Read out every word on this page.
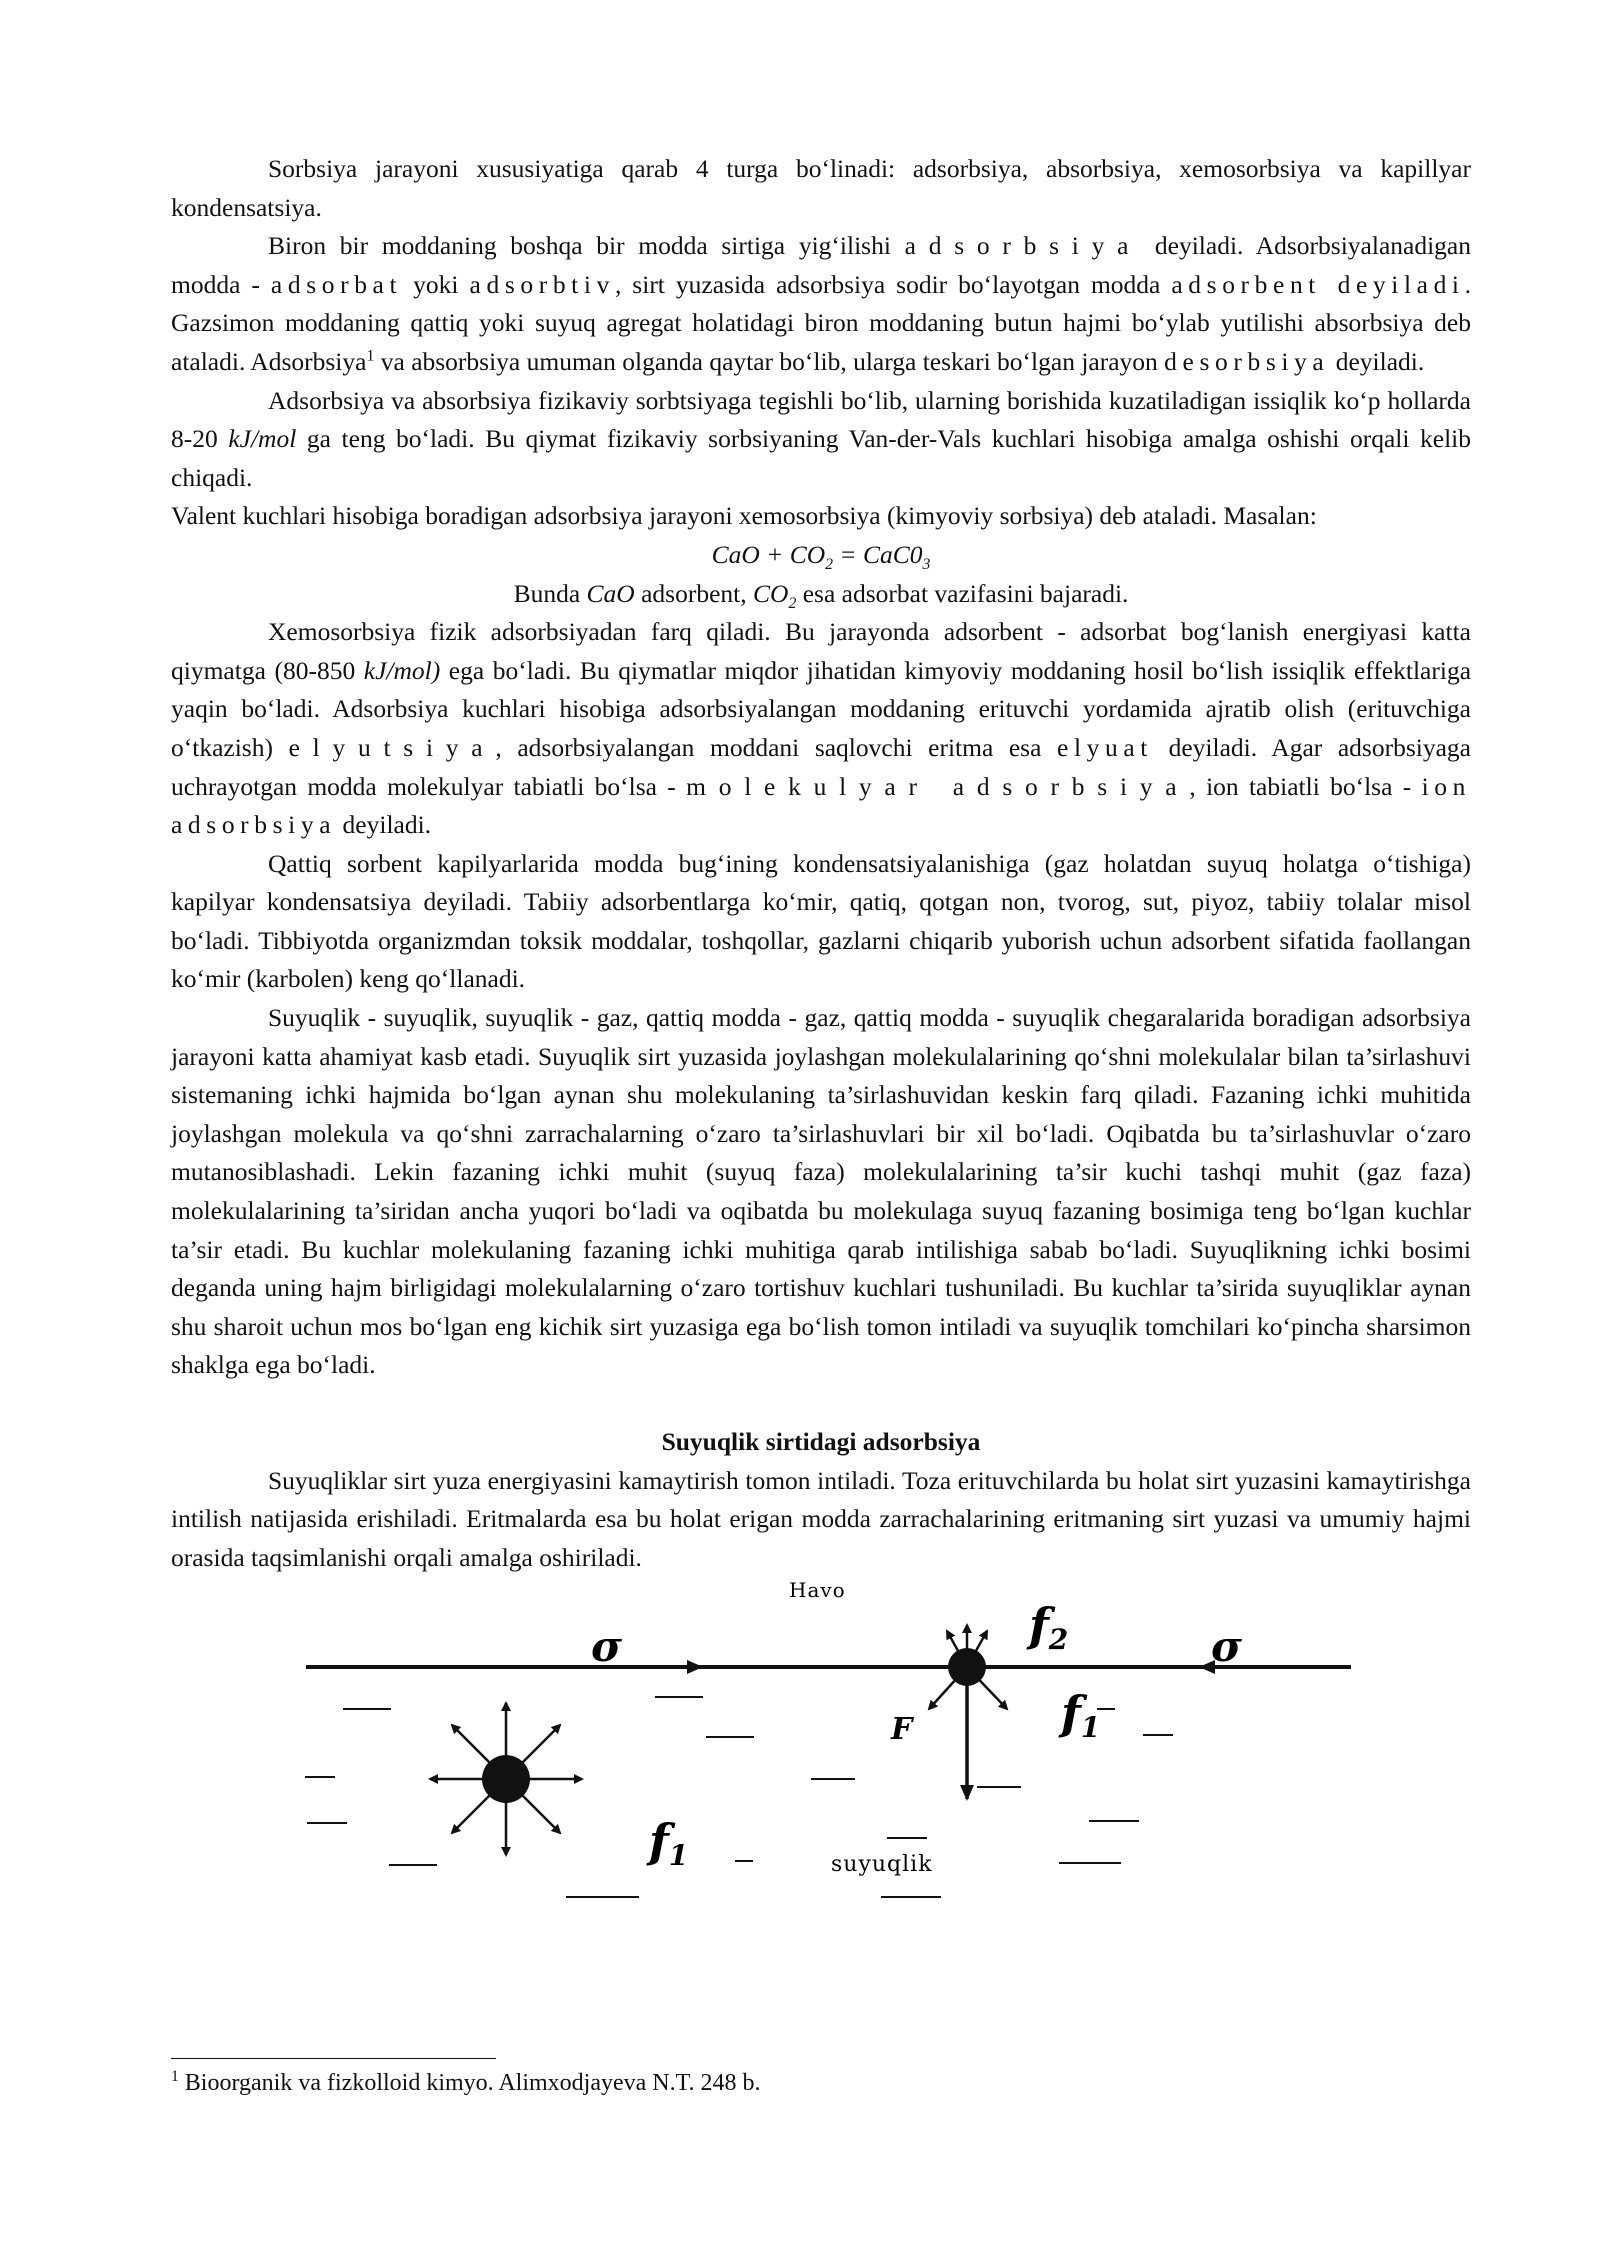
Sorbsiya jarayoni xususiyatiga qarab 4 turga bo‘linadi: adsorbsiya, absorbsiya, xemosorbsiya va kapillyar kondensatsiya.

Biron bir moddaning boshqa bir modda sirtiga yig‘ilishi adsorbsiya deyiladi. Adsorbsiyalanadigan modda - adsorbat yoki adsorbtiv, sirt yuzasida adsorbsiya sodir bo‘layotgan modda adsorbent deyiladi. Gazsimon moddaning qattiq yoki suyuq agregat holatidagi biron moddaning butun hajmi bo‘ylab yutilishi absorbsiya deb ataladi. Adsorbsiya$^1$ va absorbsiya umuman olganda qaytar bo‘lib, ularga teskari bo‘lgan jarayon desorbsiya deyiladi.

Adsorbsiya va absorbsiya fizikaviy sorbtsiyaga tegishli bo‘lib, ularning borishida kuzatiladigan issiqlik ko‘p hollarda 8-20 kJ/mol ga teng bo‘ladi. Bu qiymat fizikaviy sorbsiyaning Van-der-Vals kuchlari hisobiga amalga oshishi orqali kelib chiqadi.

Valent kuchlari hisobiga boradigan adsorbsiya jarayoni xemosorbsiya (kimyoviy sorbsiya) deb ataladi. Masalan:

CaO + $CO_2 = CaC0_3$

Bunda CaO adsorbent, $CO_2$ esa adsorbat vazifasini bajaradi.

Xemosorbsiya fizik adsorbsiyadan farq qiladi. Bu jarayonda adsorbent - adsorbat bog‘lanish energiyasi katta qiymatga (80-850 kJ/mol) ega bo‘ladi. Bu qiymatlar miqdor jihatidan kimyoviy moddaning hosil bo‘lish issiqlik effektlariga yaqin bo‘ladi. Adsorbsiya kuchlari hisobiga adsorbsiyalangan moddaning erituvchi yordamida ajratib olish (erituvchiga o‘tkazish) elyutsiya, adsorbsiyalangan moddani saqlovchi eritma esa elyuat deyiladi. Agar adsorbsiyaga uchrayotgan modda molekulyar tabiatli bo‘lsa - molekulyar adsorbsiya, ion tabiatli bo‘lsa - ion adsorbsiya deyiladi.

Qattiq sorbent kapilyarlarida modda bug‘ining kondensatsiyalanishiga (gaz holatdan suyuq holatga o‘tishiga) kapilyar kondensatsiya deyiladi. Tabiiy adsorbentlarga ko‘mir, qatiq, qotgan non, tvorog, sut, piyoz, tabiiy tolalar misol bo‘ladi. Tibbiyotda organizmdan toksik moddalar, toshqollar, gazlarni chiqarib yuborish uchun adsorbent sifatida faollangan ko‘mir (karbolen) keng qo‘llanadi.

Suyuqlik - suyuqlik, suyuqlik - gaz, qattiq modda - gaz, qattiq modda - suyuqlik chegaralarida boradigan adsorbsiya jarayoni katta ahamiyat kasb etadi. Suyuqlik sirt yuzasida joylashgan molekulalarining qo‘shni molekulalar bilan ta’sirlashuvi sistemaning ichki hajmida bo‘lgan aynan shu molekulaning ta’sirlashuvidan keskin farq qiladi. Fazaning ichki muhitida joylashgan molekula va qo‘shni zarrachalarning o‘zaro ta’sirlashuvlari bir xil bo‘ladi. Oqibatda bu ta’sirlashuvlar o‘zaro mutanosiblashadi. Lekin fazaning ichki muhit (suyuq faza) molekulalarining ta’sir kuchi tashqi muhit (gaz faza) molekulalarining ta’siridan ancha yuqori bo‘ladi va oqibatda bu molekulaga suyuq fazaning bosimiga teng bo‘lgan kuchlar ta’sir etadi. Bu kuchlar molekulaning fazaning ichki muhitiga qarab intilishiga sabab bo‘ladi. Suyuqlikning ichki bosimi deganda uning hajm birligidagi molekulalarning o‘zaro tortishuv kuchlari tushuniladi. Bu kuchlar ta’sirida suyuqliklar aynan shu sharoit uchun mos bo‘lgan eng kichik sirt yuzasiga ega bo‘lish tomon intiladi va suyuqlik tomchilari ko‘pincha sharsimon shaklga ega bo‘ladi.

Suyuqlik sirtidagi adsorbsiya

Suyuqliklar sirt yuza energiyasini kamaytirish tomon intiladi. Toza erituvchilarda bu holat sirt yuzasini kamaytirishga intilish natijasida erishiladi. Eritmalarda esa bu holat erigan modda zarrachalarining eritmaning sirt yuzasi va umumiy hajmi orasida taqsimlanishi orqali amalga oshiriladi.

σ	σ
Havo
f2
f1
F
f1	suyuqlik
$^1$ Bioorganik va fizkolloid kimyo. Alimxodjayeva N.T. 248 b.
